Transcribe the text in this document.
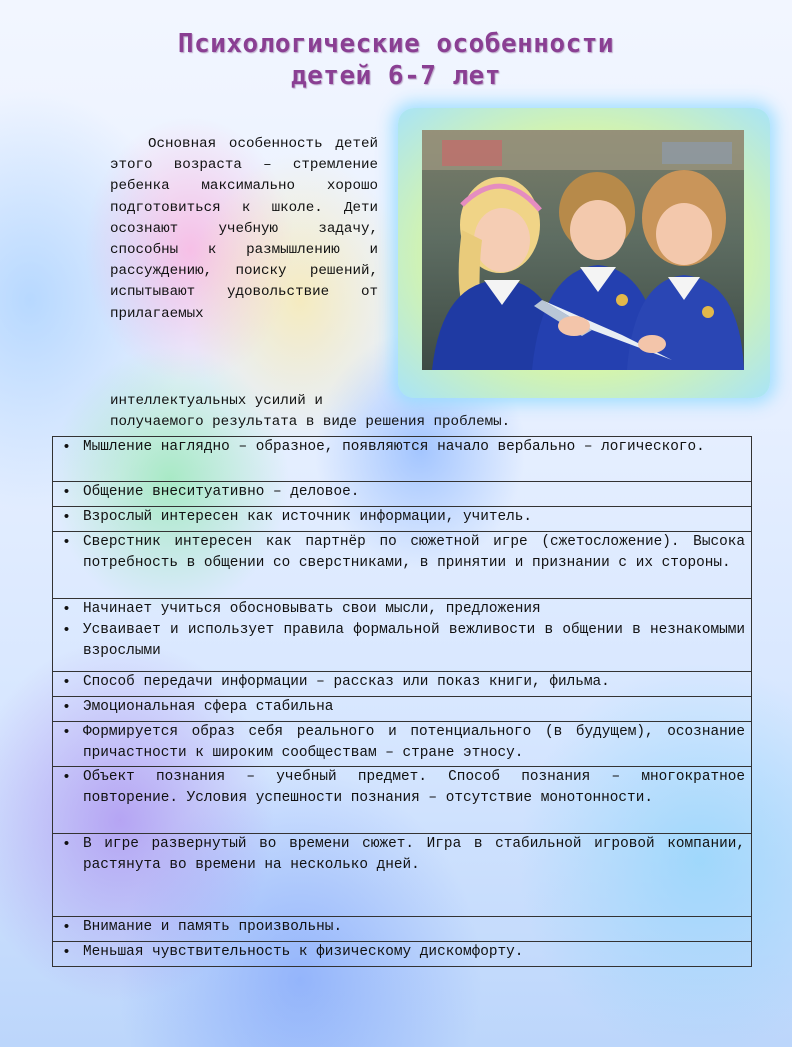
Психологические особенности
детей 6-7 лет
Основная особенность детей этого возраста – стремление ребенка максимально хорошо подготовиться к школе. Дети осознают учебную задачу, способны к размышлению и рассуждению, поиску решений, испытывают удовольствие от прилагаемых
интеллектуальных усилий и
получаемого результата в виде решения проблемы.
• Мышление наглядно – образное, появляются начало вербально – логического.

• Общение внеситуативно – деловое.

• Взрослый интересен как источник информации, учитель.

• Сверстник интересен как партнёр по сюжетной игре (сжетосложение). Высока потребность в общении со сверстниками, в принятии и признании с их стороны.

• Начинает учиться обосновывать свои мысли, предложения
• Усваивает и использует правила формальной вежливости в общении в незнакомыми взрослыми

• Способ передачи информации – рассказ или показ книги, фильма.

• Эмоциональная сфера стабильна

• Формируется образ себя реального и потенциального (в будущем), осознание причастности к широким сообществам – стране этносу.

• Объект познания – учебный предмет. Способ познания – многократное повторение. Условия успешности познания – отсутствие монотонности.

• В игре развернутый во времени сюжет. Игра в стабильной игровой компании, растянута во времени на несколько дней.

• Внимание и память произвольны.

• Меньшая чувствительность к физическому дискомфорту.
